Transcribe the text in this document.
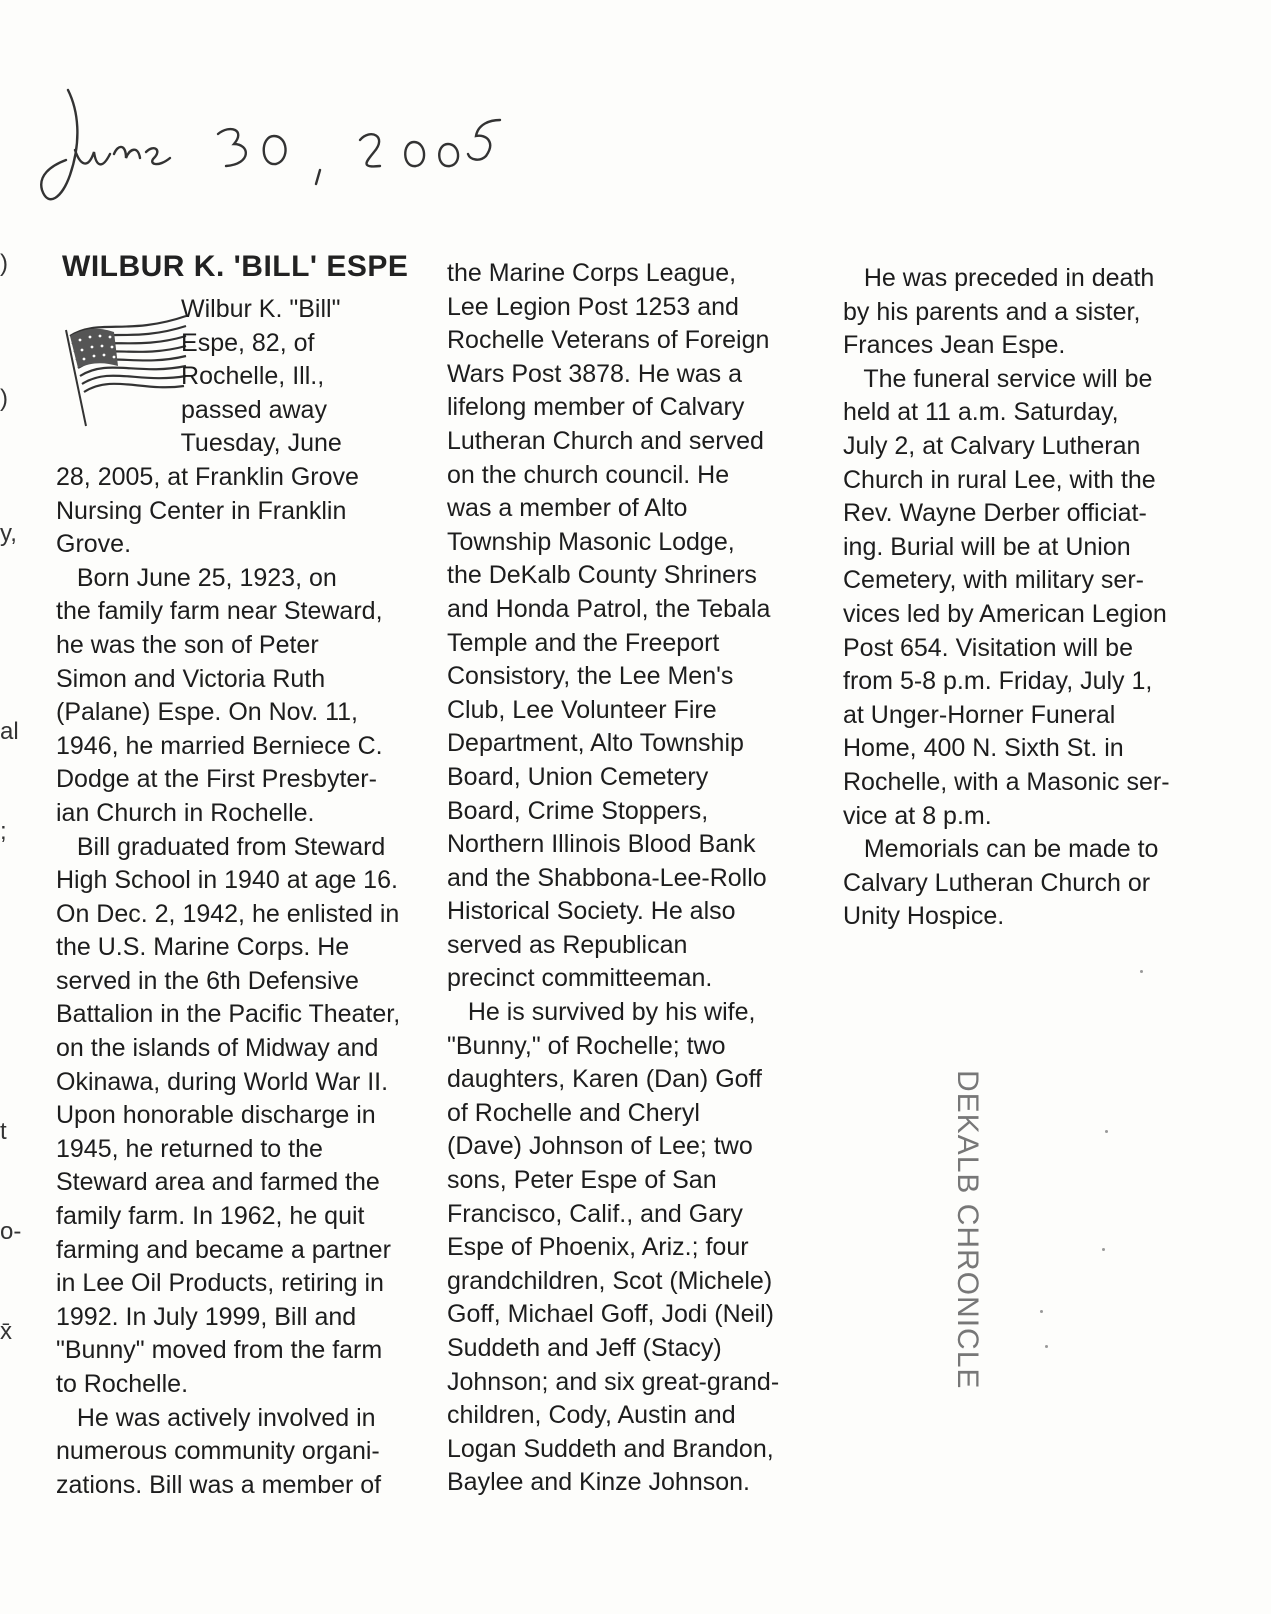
WILBUR K. 'BILL' ESPE

Wilbur K. "Bill"

Espe, 82, of

Rochelle, Ill.,

passed away

Tuesday, June

28, 2005, at Franklin Grove

Nursing Center in Franklin

Grove.

Born June 25, 1923, on

the family farm near Steward,

he was the son of Peter

Simon and Victoria Ruth

(Palane) Espe. On Nov. 11,

1946, he married Berniece C.

Dodge at the First Presbyter-

ian Church in Rochelle.

Bill graduated from Steward

High School in 1940 at age 16.

On Dec. 2, 1942, he enlisted in

the U.S. Marine Corps. He

served in the 6th Defensive

Battalion in the Pacific Theater,

on the islands of Midway and

Okinawa, during World War II.

Upon honorable discharge in

1945, he returned to the

Steward area and farmed the

family farm. In 1962, he quit

farming and became a partner

in Lee Oil Products, retiring in

1992. In July 1999, Bill and

"Bunny" moved from the farm

to Rochelle.

He was actively involved in

numerous community organi-

zations. Bill was a member of

the Marine Corps League,

Lee Legion Post 1253 and

Rochelle Veterans of Foreign

Wars Post 3878. He was a

lifelong member of Calvary

Lutheran Church and served

on the church council. He

was a member of Alto

Township Masonic Lodge,

the DeKalb County Shriners

and Honda Patrol, the Tebala

Temple and the Freeport

Consistory, the Lee Men's

Club, Lee Volunteer Fire

Department, Alto Township

Board, Union Cemetery

Board, Crime Stoppers,

Northern Illinois Blood Bank

and the Shabbona-Lee-Rollo

Historical Society. He also

served as Republican

precinct committeeman.

He is survived by his wife,

"Bunny," of Rochelle; two

daughters, Karen (Dan) Goff

of Rochelle and Cheryl

(Dave) Johnson of Lee; two

sons, Peter Espe of San

Francisco, Calif., and Gary

Espe of Phoenix, Ariz.; four

grandchildren, Scot (Michele)

Goff, Michael Goff, Jodi (Neil)

Suddeth and Jeff (Stacy)

Johnson; and six great-grand-

children, Cody, Austin and

Logan Suddeth and Brandon,

Baylee and Kinze Johnson.

He was preceded in death

by his parents and a sister,

Frances Jean Espe.

The funeral service will be

held at 11 a.m. Saturday,

July 2, at Calvary Lutheran

Church in rural Lee, with the

Rev. Wayne Derber officiat-

ing. Burial will be at Union

Cemetery, with military ser-

vices led by American Legion

Post 654. Visitation will be

from 5-8 p.m. Friday, July 1,

at Unger-Horner Funeral

Home, 400 N. Sixth St. in

Rochelle, with a Masonic ser-

vice at 8 p.m.

Memorials can be made to

Calvary Lutheran Church or

Unity Hospice.

DEKALB CHRONICLE
)
)
y,
al
;
t
o-
x̄
